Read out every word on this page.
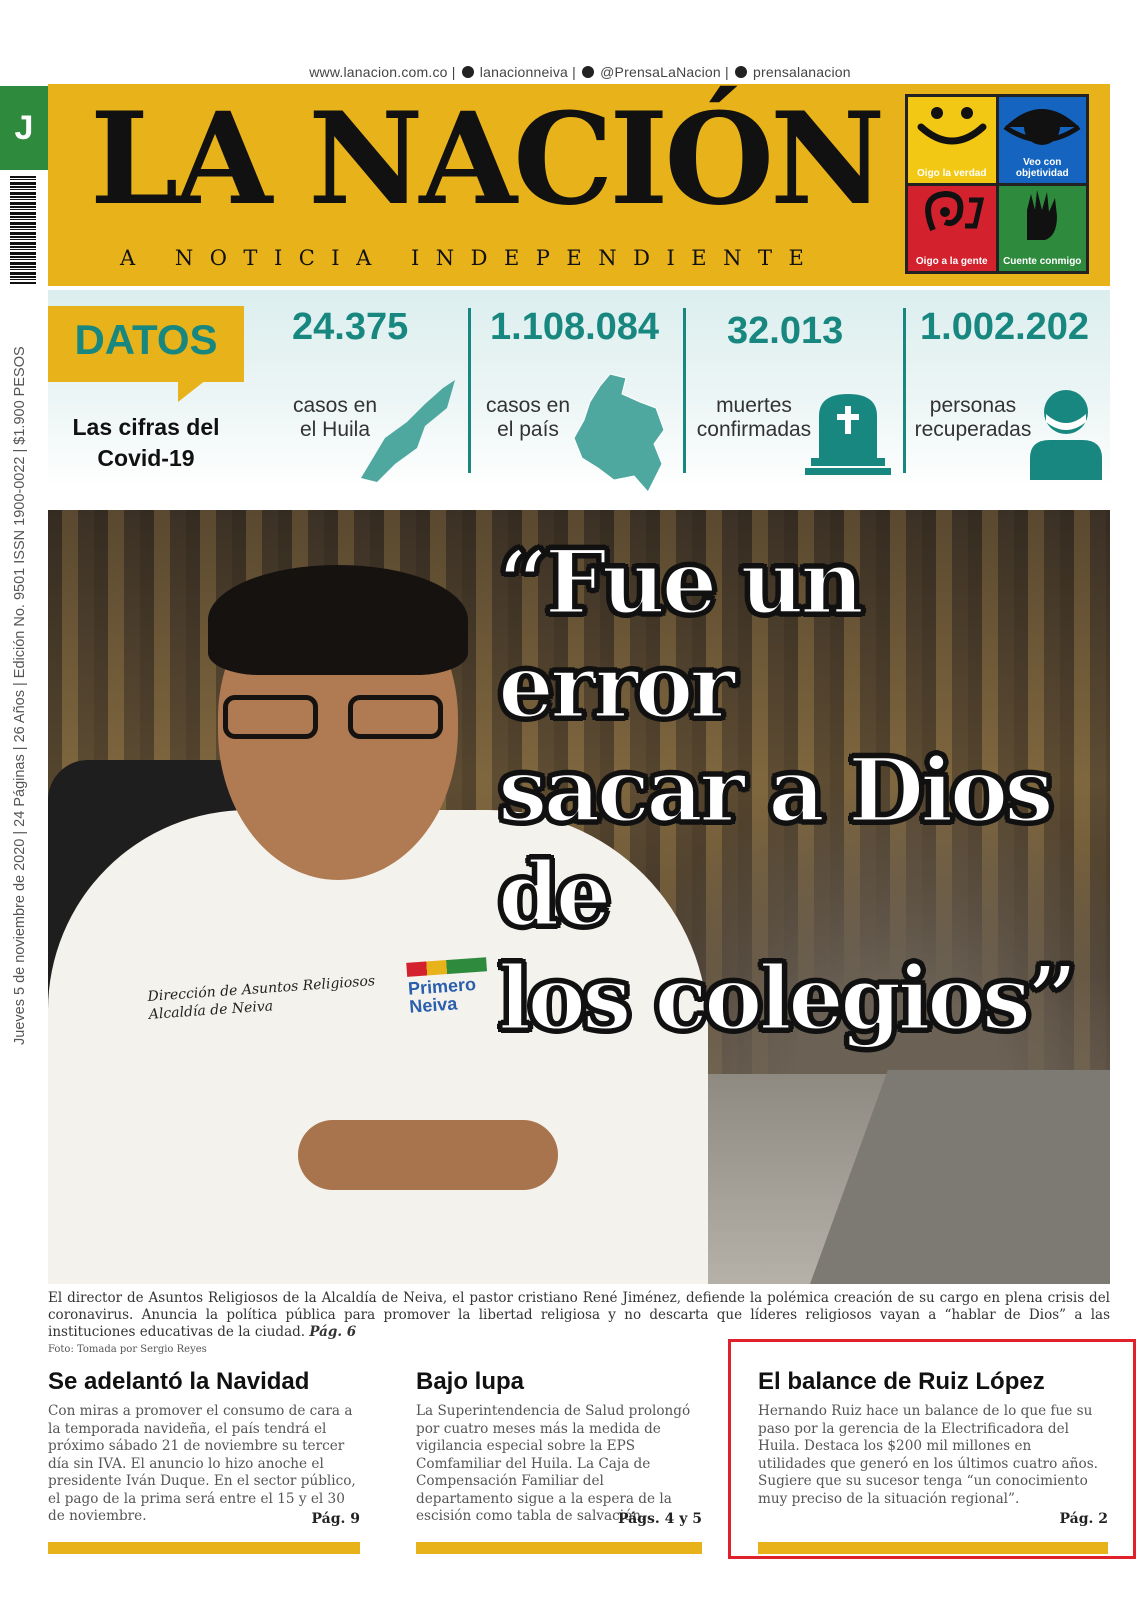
www.lanacion.com.co |  lanacionneiva |  @PrensaLaNacion |  prensalanacion
J
Jueves 5 de noviembre de 2020 | 24 Páginas | 26 Años | Edición No. 9501 ISSN 1900-0022 | $1.900 PESOS
LA NACIÓN
A NOTICIA INDEPENDIENTE
Oigo la verdad
Veo con objetividad
Oigo a la gente	Cuente conmigo
DATOS
Las cifras del Covid-19
24.375
casos en
el Huila
1.108.084
casos en
el país
32.013
muertes
confirmadas
1.002.202
personas
recuperadas
Dirección de Asuntos Religiosos
Alcaldía de Neiva
Primero
Neiva
“Fue un error
sacar a Dios de
los colegios”
El director de Asuntos Religiosos de la Alcaldía de Neiva, el pastor cristiano René Jiménez, defiende la polémica creación de su cargo en plena crisis del coronavirus. Anuncia la política pública para promover la libertad religiosa y no descarta que líderes religiosos vayan a “hablar de Dios” a las instituciones educativas de la ciudad. Pág. 6
Foto: Tomada por Sergio Reyes
Se adelantó la Navidad
Con miras a promover el consumo de cara a la temporada navideña, el país tendrá el próximo sábado 21 de noviembre su tercer día sin IVA. El anuncio lo hizo anoche el presidente Iván Duque. En el sector público, el pago de la prima será entre el 15 y el 30 de noviembre.	Pág. 9
Bajo lupa
La Superintendencia de Salud prolongó por cuatro meses más la medida de vigilancia especial sobre la EPS Comfamiliar del Huila. La Caja de Compensación Familiar del departamento sigue a la espera de la escisión como tabla de salvación.
Págs. 4 y 5
El balance de Ruiz López
Hernando Ruiz hace un balance de lo que fue su paso por la gerencia de la Electrificadora del Huila. Destaca los $200 mil millones en utilidades que generó en los últimos cuatro años. Sugiere que su sucesor tenga “un conocimiento muy preciso de la situación regional”.
Pág. 2
